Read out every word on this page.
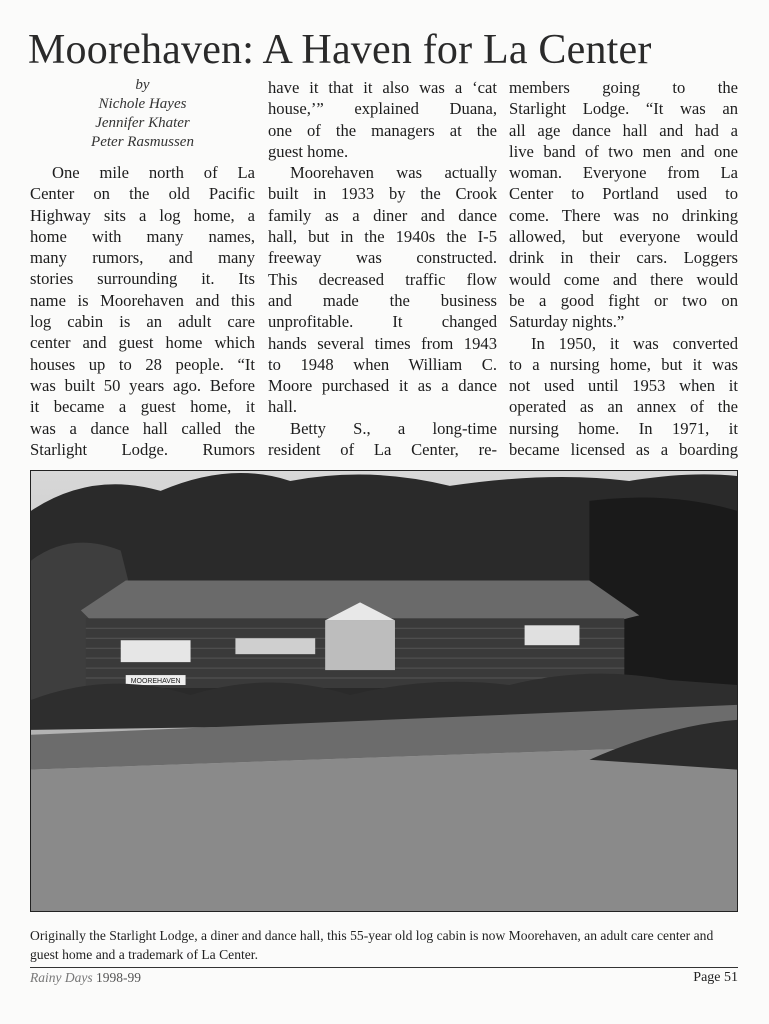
Moorehaven: A Haven for La Center
by
Nichole Hayes
Jennifer Khater
Peter Rasmussen
One mile north of La
Center on the old Pacific
Highway sits a log home, a
home with many names,
many rumors, and many
stories surrounding it. Its
name is Moorehaven and this
log cabin is an adult care
center and guest home which
houses up to 28 people. “It
was built 50 years ago. Before
it became a guest home, it
was a dance hall called the
Starlight Lodge. Rumors
have it that it also was a ‘cat
house,’” explained Duana,
one of the managers at the
guest home.
Moorehaven was actually
built in 1933 by the Crook
family as a diner and dance
hall, but in the 1940s the I-5
freeway was constructed.
This decreased traffic flow
and made the business
unprofitable. It changed
hands several times from 1943
to 1948 when William C.
Moore purchased it as a dance
hall.
Betty S., a long-time
resident of La Center, re-
members going to the
Starlight Lodge. “It was an
all age dance hall and had a
live band of two men and one
woman. Everyone from La
Center to Portland used to
come. There was no drinking
allowed, but everyone would
drink in their cars. Loggers
would come and there would
be a good fight or two on
Saturday nights.”
In 1950, it was converted
to a nursing home, but it was
not used until 1953 when it
operated as an annex of the
nursing home. In 1971, it
became licensed as a boarding
MOOREHAVEN
Originally the Starlight Lodge, a diner and dance hall, this 55-year old log cabin is now Moorehaven, an adult care center and guest home and a trademark of La Center.
Rainy Days 1998-99	Page 51
